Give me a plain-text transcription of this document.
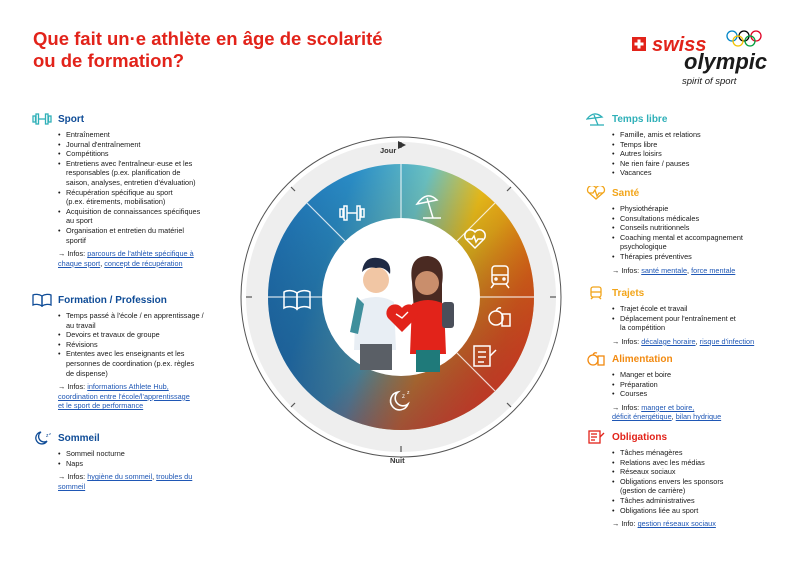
Que fait un·e athlète en âge de scolarité ou de formation?
swiss
olympic
spirit of sport
Sport
• Entraînement
• Journal d'entraînement
• Compétitions
• Entretiens avec l'entraîneur·euse et les
responsables (p.ex. planification de
saison, analyses, entretien d'évaluation)
• Récupération spécifique au sport
(p.ex. étirements, mobilisation)
• Acquisition de connaissances spécifiques
au sport
• Organisation et entretien du matériel
sportif
→ Infos: parcours de l'athlète spécifique à
chaque sport, concept de récupération
Formation / Profession
• Temps passé à l'école / en apprentissage /
au travail
• Devoirs et travaux de groupe
• Révisions
• Ententes avec les enseignants et les
personnes de coordination (p.ex. règles
de dispense)
→ Infos: informations Athlete Hub,
coordination entre l'école/l'apprentissage
et le sport de performance
z z Sommeil
• Sommeil nocturne
• Naps
→ Infos: hygiène du sommeil, troubles du
sommeil
z
z
Jour
Nuit
Temps libre
• Famille, amis et relations
• Temps libre
• Autres loisirs
• Ne rien faire / pauses
• Vacances
Santé
• Physiothérapie
• Consultations médicales
• Conseils nutritionnels
• Coaching mental et accompagnement
psychologique
• Thérapies préventives
→ Infos: santé mentale, force mentale
Trajets
• Trajet école et travail
• Déplacement pour l'entraînement et
la compétition
→ Infos: décalage horaire, risque d'infection
Alimentation
• Manger et boire
• Préparation
• Courses
→ Infos: manger et boire,
déficit énergétique, bilan hydrique
Obligations
• Tâches ménagères
• Relations avec les médias
• Réseaux sociaux
• Obligations envers les sponsors
(gestion de carrière)
• Tâches administratives
• Obligations liée au sport
→ Info: gestion réseaux sociaux
